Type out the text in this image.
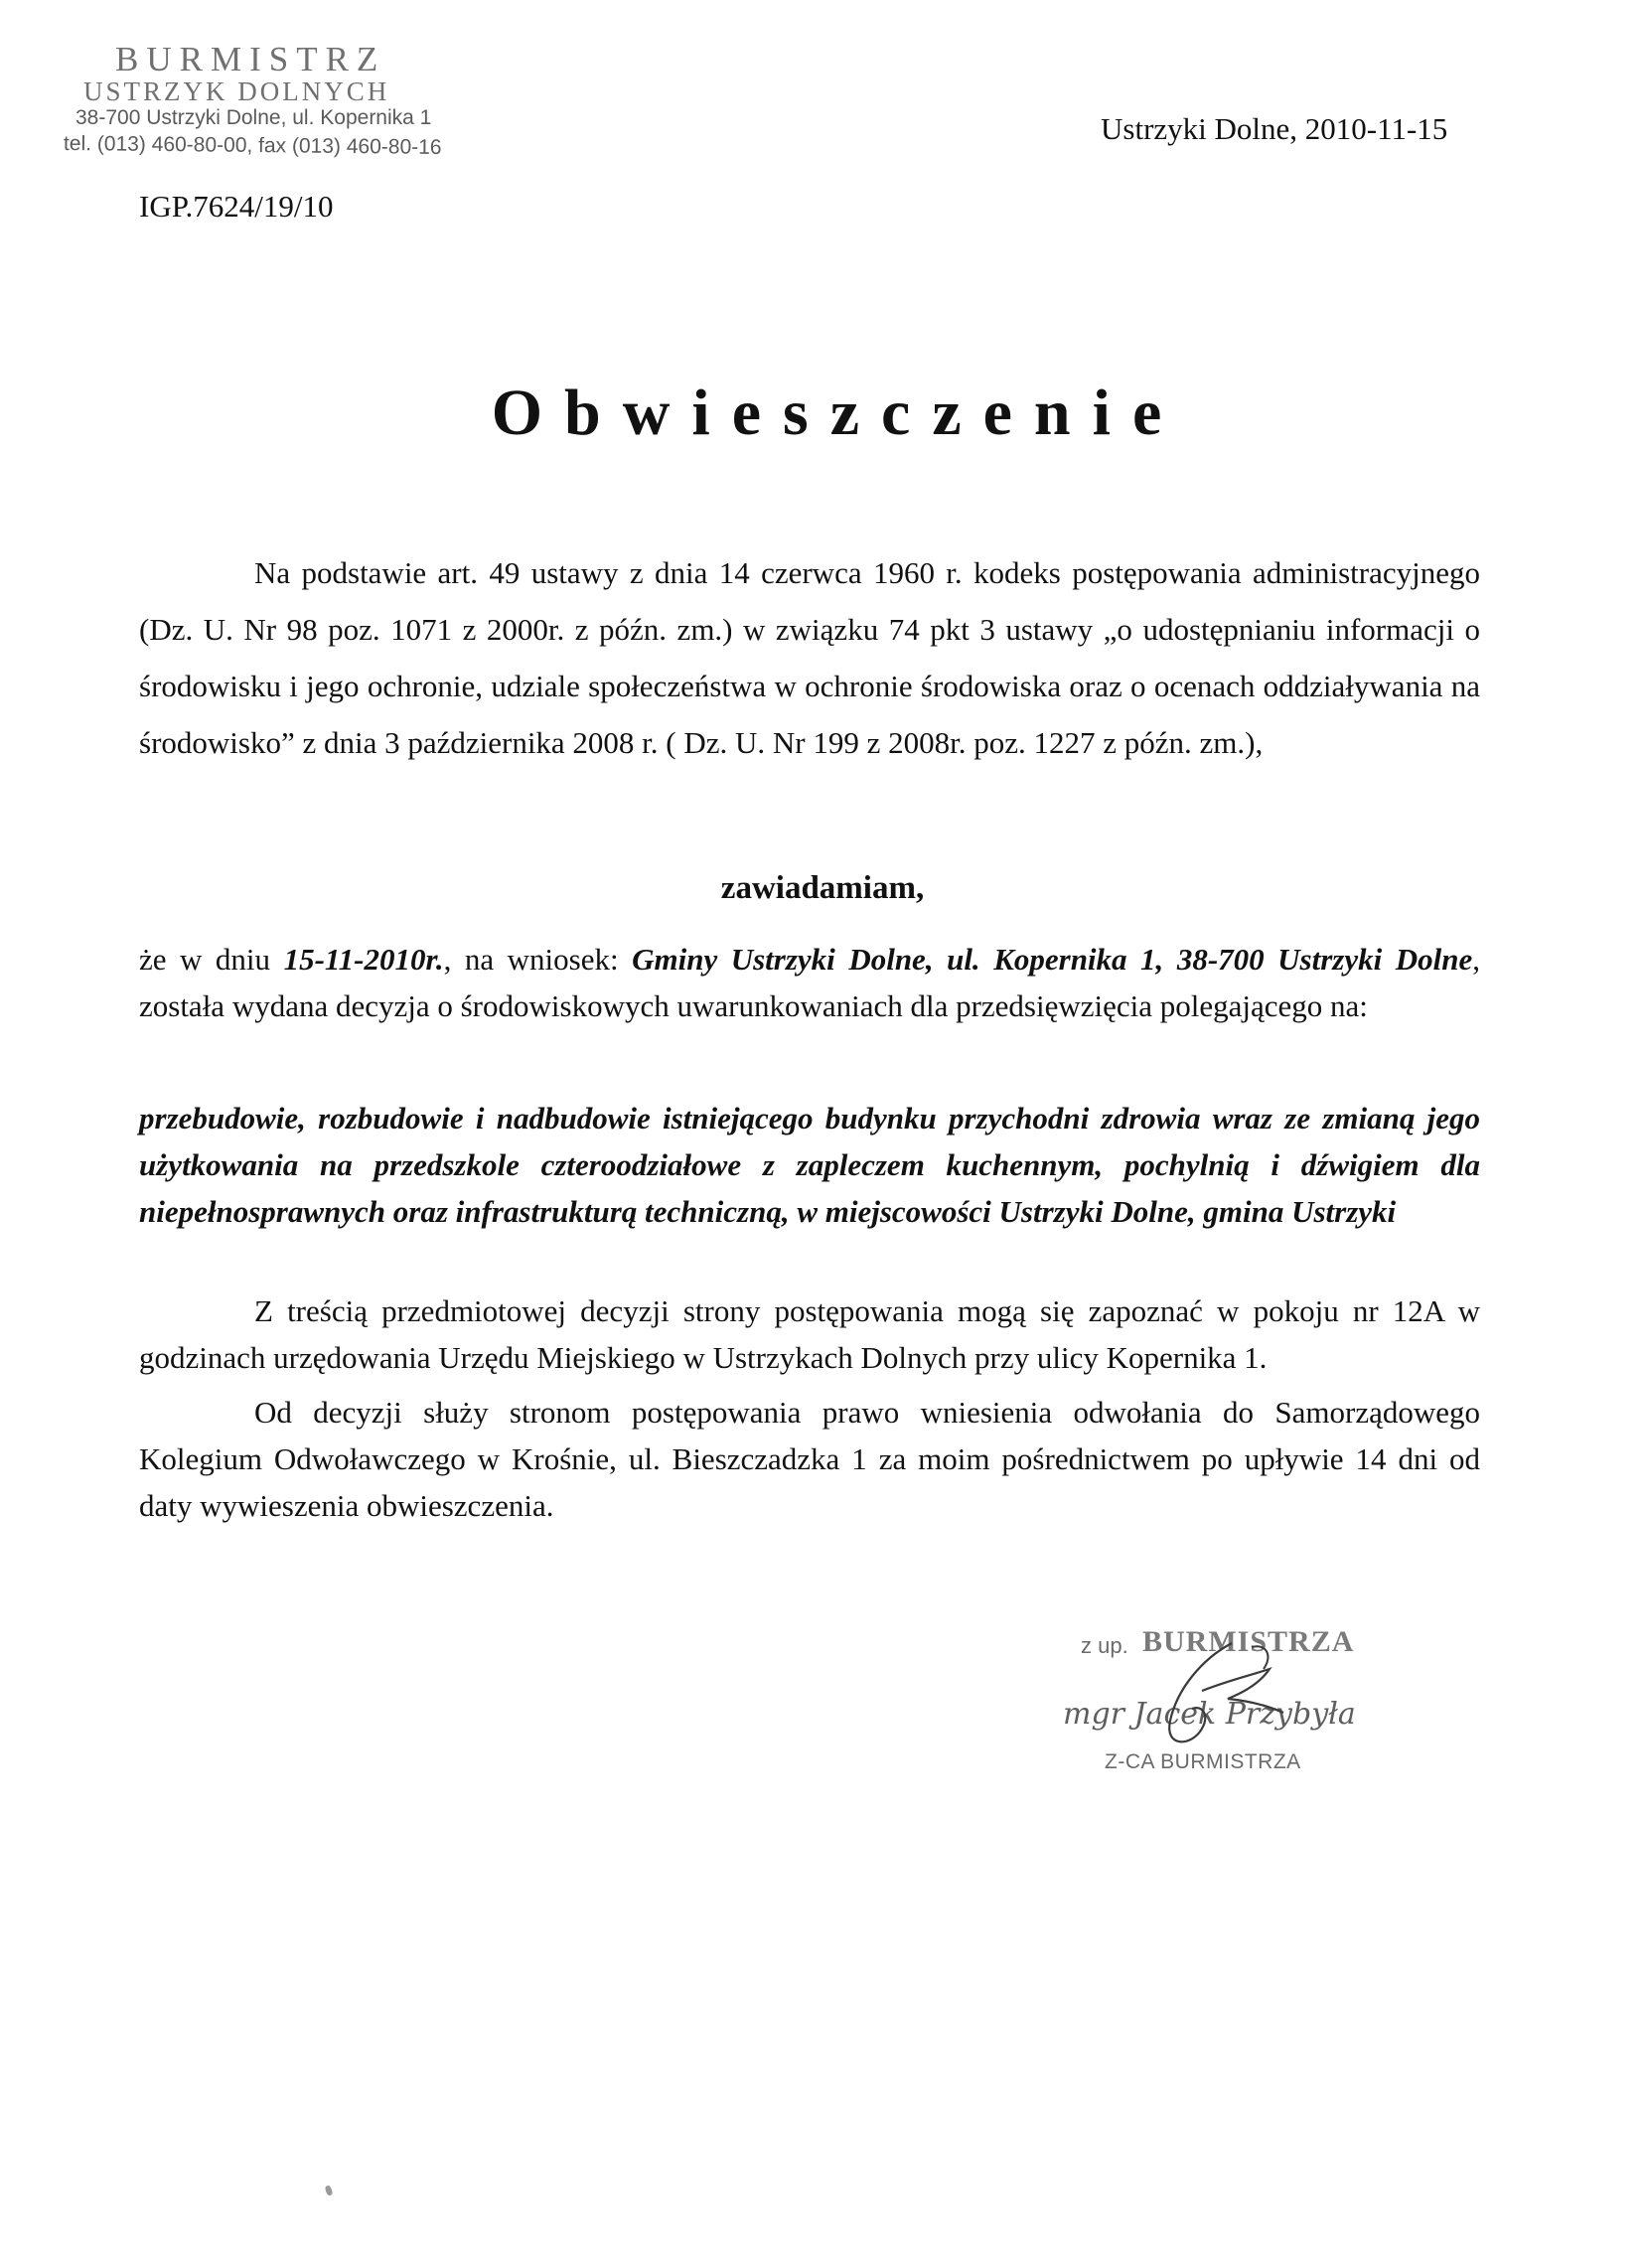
BURMISTRZ
USTRZYK DOLNYCH
38-700 Ustrzyki Dolne, ul. Kopernika 1
tel. (013) 460-80-00, fax (013) 460-80-16	Ustrzyki Dolne, 2010-11-15
IGP.7624/19/10
Obwieszczenie
Na podstawie art. 49 ustawy z dnia 14 czerwca 1960 r. kodeks postępowania administracyjnego (Dz. U. Nr 98 poz. 1071 z 2000r. z późn. zm.) w związku 74 pkt 3 ustawy „o udostępnianiu informacji o środowisku i jego ochronie, udziale społeczeństwa w ochronie środowiska oraz o ocenach oddziaływania na środowisko” z dnia 3 października 2008 r. ( Dz. U. Nr 199 z 2008r. poz. 1227 z późn. zm.),
zawiadamiam,
że w dniu 15-11-2010r., na wniosek: Gminy Ustrzyki Dolne, ul. Kopernika 1, 38-700 Ustrzyki Dolne, została wydana decyzja o środowiskowych uwarunkowaniach dla przedsięwzięcia polegającego na:
przebudowie, rozbudowie i nadbudowie istniejącego budynku przychodni zdrowia wraz ze zmianą jego użytkowania na przedszkole czteroodziałowe z zapleczem kuchennym, pochylnią i dźwigiem dla niepełnosprawnych oraz infrastrukturą techniczną, w miejscowości Ustrzyki Dolne, gmina Ustrzyki
Z treścią przedmiotowej decyzji strony postępowania mogą się zapoznać w pokoju nr 12A w godzinach urzędowania Urzędu Miejskiego w Ustrzykach Dolnych przy ulicy Kopernika 1.
Od decyzji służy stronom postępowania prawo wniesienia odwołania do Samorządowego Kolegium Odwoławczego w Krośnie, ul. Bieszczadzka 1 za moim pośrednictwem po upływie 14 dni od daty wywieszenia obwieszczenia.
z up. BURMISTRZA
mgr Jacek Przybyła
Z-CA BURMISTRZA
